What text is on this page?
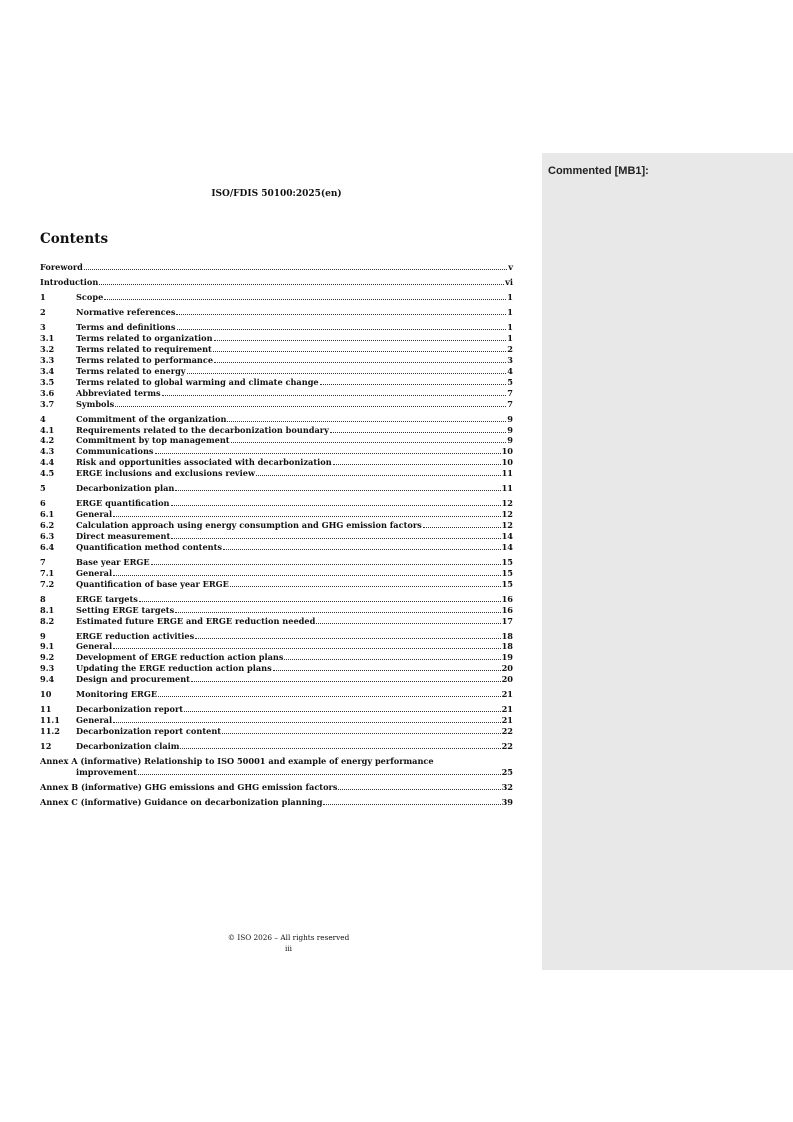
Commented [MB1]:
ISO/FDIS 50100:2025(en)
Contents
Foreword	v
Introduction	vi
1	Scope	1
2	Normative references	1
3	Terms and definitions	1
3.1	Terms related to organization	1
3.2	Terms related to requirement	2
3.3	Terms related to performance	3
3.4	Terms related to energy	4
3.5	Terms related to global warming and climate change	5
3.6	Abbreviated terms	7
3.7	Symbols	7
4	Commitment of the organization	9
4.1	Requirements related to the decarbonization boundary	9
4.2	Commitment by top management	9
4.3	Communications	10
4.4	Risk and opportunities associated with decarbonization	10
4.5	ERGE inclusions and exclusions review	11
5	Decarbonization plan	11
6	ERGE quantification	12
6.1	General	12
6.2	Calculation approach using energy consumption and GHG emission factors	12
6.3	Direct measurement	14
6.4	Quantification method contents	14
7	Base year ERGE	15
7.1	General	15
7.2	Quantification of base year ERGE	15
8	ERGE targets	16
8.1	Setting ERGE targets	16
8.2	Estimated future ERGE and ERGE reduction needed	17
9	ERGE reduction activities	18
9.1	General	18
9.2	Development of ERGE reduction action plans	19
9.3	Updating the ERGE reduction action plans	20
9.4	Design and procurement	20
10	Monitoring ERGE	21
11	Decarbonization report	21
11.1	General	21
11.2	Decarbonization report content	22
12	Decarbonization claim	22
Annex A (informative) Relationship to ISO 50001 and example of energy performance
improvement	25
Annex B (informative) GHG emissions and GHG emission factors	32
Annex C (informative) Guidance on decarbonization planning	39
© ISO 2026 – All rights reserved
iii
